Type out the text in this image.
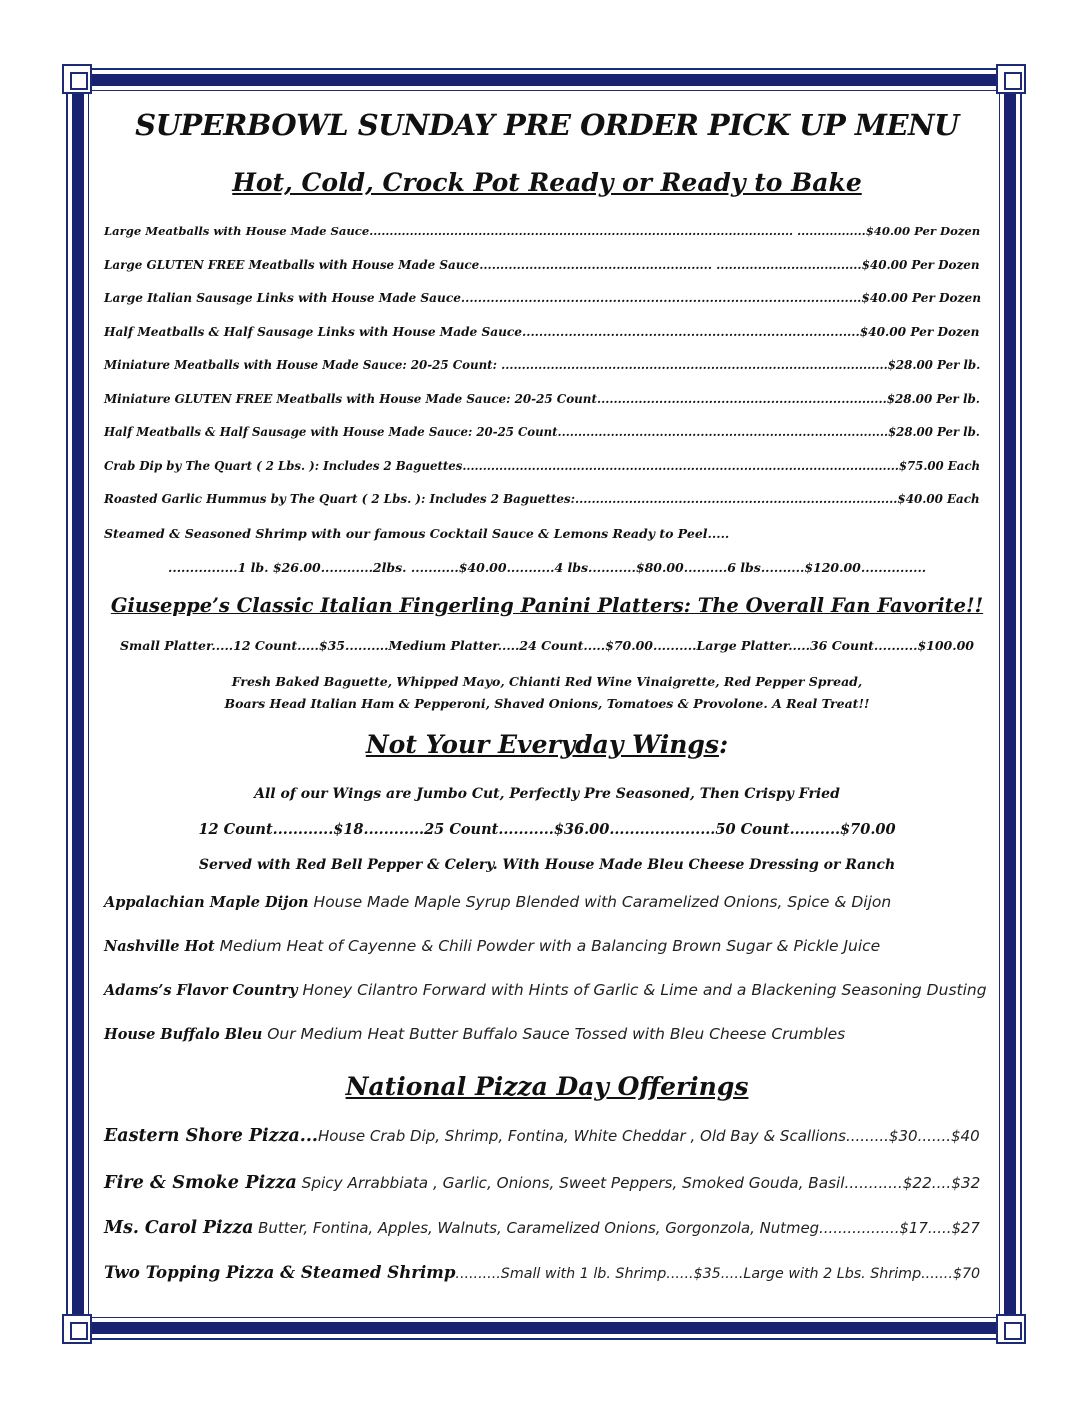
SUPERBOWL SUNDAY PRE ORDER PICK UP MENU
Hot, Cold, Crock Pot Ready or Ready to Bake
Large Meatballs with House Made Sauce......................................................................................................... .................$40.00 Per Dozen
Large GLUTEN FREE Meatballs with House Made Sauce........................................................ ...................................$40.00 Per Dozen
Large Italian Sausage Links with House Made Sauce...............................................................................................$40.00 Per Dozen
Half Meatballs & Half Sausage Links with House Made Sauce................................................................................$40.00 Per Dozen
Miniature Meatballs with House Made Sauce: 20-25 Count: ..............................................................................................$28.00 Per lb.
Miniature GLUTEN FREE Meatballs with House Made Sauce: 20-25 Count......................................................................$28.00 Per lb.
Half Meatballs & Half Sausage with House Made Sauce: 20-25 Count.................................................................................$28.00 Per lb.
Crab Dip by The Quart ( 2 Lbs. ): Includes 2 Baguettes...........................................................................................................$75.00 Each
Roasted Garlic Hummus by The Quart ( 2 Lbs. ): Includes 2 Baguettes:..............................................................................$40.00 Each
Steamed & Seasoned Shrimp with our famous Cocktail Sauce & Lemons Ready to Peel.....
................1 lb. $26.00............2lbs. ...........$40.00...........4 lbs...........$80.00..........6 lbs..........$120.00...............
Giuseppe’s Classic Italian Fingerling Panini Platters: The Overall Fan Favorite!!
Small Platter.....12 Count.....$35..........Medium Platter.....24 Count.....$70.00..........Large Platter.....36 Count..........$100.00
Fresh Baked Baguette, Whipped Mayo, Chianti Red Wine Vinaigrette, Red Pepper Spread,
Boars Head Italian Ham & Pepperoni, Shaved Onions, Tomatoes & Provolone. A Real Treat!!
Not Your Everyday Wings:
All of our Wings are Jumbo Cut, Perfectly Pre Seasoned, Then Crispy Fried
12 Count............$18............25 Count...........$36.00.....................50 Count..........$70.00
Served with Red Bell Pepper & Celery. With House Made Bleu Cheese Dressing or Ranch
Appalachian Maple Dijon House Made Maple Syrup Blended with Caramelized Onions, Spice & Dijon
Nashville Hot Medium Heat of Cayenne & Chili Powder with a Balancing Brown Sugar & Pickle Juice
Adams’s Flavor Country Honey Cilantro Forward with Hints of Garlic & Lime and a Blackening Seasoning Dusting
House Buffalo Bleu Our Medium Heat Butter Buffalo Sauce Tossed with Bleu Cheese Crumbles
National Pizza Day Offerings
Eastern Shore Pizza...House Crab Dip, Shrimp, Fontina, White Cheddar , Old Bay & Scallions.........$30.......$40
Fire & Smoke Pizza Spicy Arrabbiata , Garlic, Onions, Sweet Peppers, Smoked Gouda, Basil............$22....$32
Ms. Carol Pizza Butter, Fontina, Apples, Walnuts, Caramelized Onions, Gorgonzola, Nutmeg.................$17.....$27
Two Topping Pizza & Steamed Shrimp..........Small with 1 lb. Shrimp......$35.....Large with 2 Lbs. Shrimp.......$70
